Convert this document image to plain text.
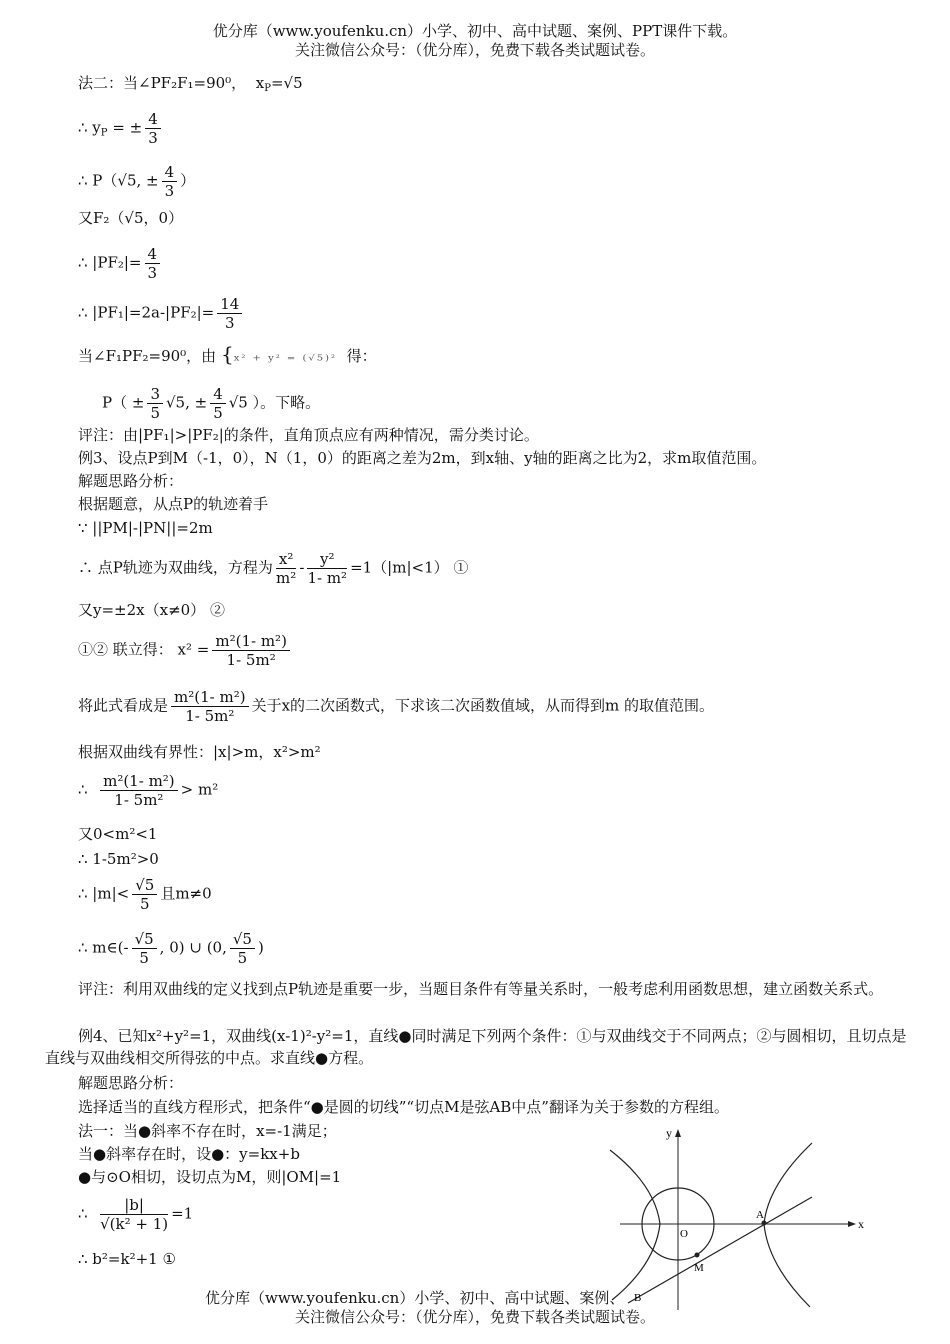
优分库（www.youfenku.cn）小学、初中、高中试题、案例、PPT课件下载。
关注微信公众号：（优分库），免费下载各类试题试卷。
法二：当∠PF₂F₁=90⁰， $x_P=√5$
∴ $y_P$ = ± $\frac{4}{3}$
∴ P（√5, ± $\frac{4}{3}$ ）
又F₂（√5，0）
∴ $|PF_2|= \frac{4}{3}$
∴ $|PF_1|=2a-|PF_2|= \frac{14}{3}$
当∠F₁PF₂=90⁰，由 {x² + y² = (√5)² 得：
$P( \pm \frac{3}{5} √5$, ± $\frac{4}{5} √5$ ）。下略。
评注：由|PF₁|>|PF₂|的条件，直角顶点应有两种情况，需分类讨论。
例3、设点P到M（-1，0），N（1，0）的距离之差为2m，到x轴、y轴的距离之比为2，求m取值范围。
解题思路分析：
根据题意，从点P的轨迹着手
∵ ||PM|-|PN||=2m
∴ 点P轨迹为双曲线，方程为 $\frac{\text{x²}}{\text{m²}} - \frac{\text{y²}}{\text{1- m²}} =1(|m|<1)$ ①
又y=±2x（x≠0） ②
①② 联立得： $x^2 = \frac{\text{m²(1- m²)}}{\text{1- 5m²}}$
将此式看成是 $\frac{\text{m²(1- m²)}}{\text{1- 5m²}}$ 关于x的二次函数式，下求该二次函数值域，从而得到m 的取值范围。
根据双曲线有界性：|x|>m，x²>m²
∴ $\frac{\text{m²(1- m²)}}{\text{1- 5m²}} > m^2$
又0<m²<1
∴ 1-5m²>0
∴ $|m|< \frac{√5}{5}$ 且m≠0
∴ m∈(- $\frac{√5}{5}$ , 0) ∪ (0, $\frac{√5}{5}$ )
评注：利用双曲线的定义找到点P轨迹是重要一步，当题目条件有等量关系时，一般考虑利用函数思想，建立函数关系式。
例4、已知x²+y²=1，双曲线(x-1)²-y²=1，直线●同时满足下列两个条件：①与双曲线交于不同两点；②与圆相切，且切点是直线与双曲线相交所得弦的中点。求直线●方程。
解题思路分析：
选择适当的直线方程形式，把条件“●是圆的切线”“切点M是弦AB中点”翻译为关于参数的方程组。
法一：当●斜率不存在时，x=-1满足；
当●斜率存在时，设●：y=kx+b
●与⊙O相切，设切点为M，则|OM|=1
∴ $\frac{|b|}{\text{√(k² + 1)}} =1$
∴ b²=k²+1 ①
x
y
O
A
M
B
优分库（www.youfenku.cn）小学、初中、高中试题、案例、
关注微信公众号：（优分库），免费下载各类试题试卷。
